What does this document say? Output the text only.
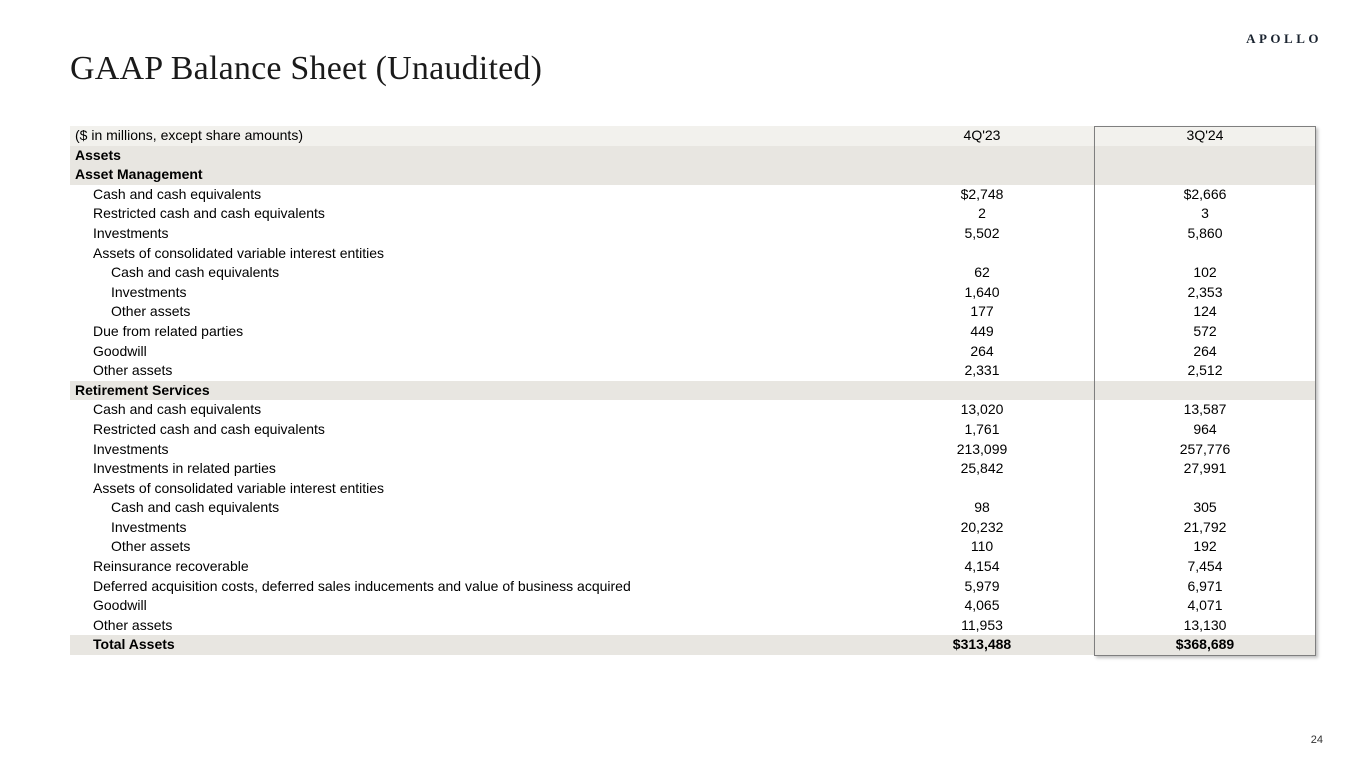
APOLLO
GAAP Balance Sheet (Unaudited)
($ in millions, except share amounts)	4Q'23	3Q'24
Assets
Asset Management
Cash and cash equivalents	$2,748	$2,666
Restricted cash and cash equivalents	2	3
Investments	5,502	5,860
Assets of consolidated variable interest entities
Cash and cash equivalents	62	102
Investments	1,640	2,353
Other assets	177	124
Due from related parties	449	572
Goodwill	264	264
Other assets	2,331	2,512
Retirement Services
Cash and cash equivalents	13,020	13,587
Restricted cash and cash equivalents	1,761	964
Investments	213,099	257,776
Investments in related parties	25,842	27,991
Assets of consolidated variable interest entities
Cash and cash equivalents	98	305
Investments	20,232	21,792
Other assets	110	192
Reinsurance recoverable	4,154	7,454
Deferred acquisition costs, deferred sales inducements and value of business acquired	5,979	6,971
Goodwill	4,065	4,071
Other assets	11,953	13,130
Total Assets	$313,488	$368,689
24
